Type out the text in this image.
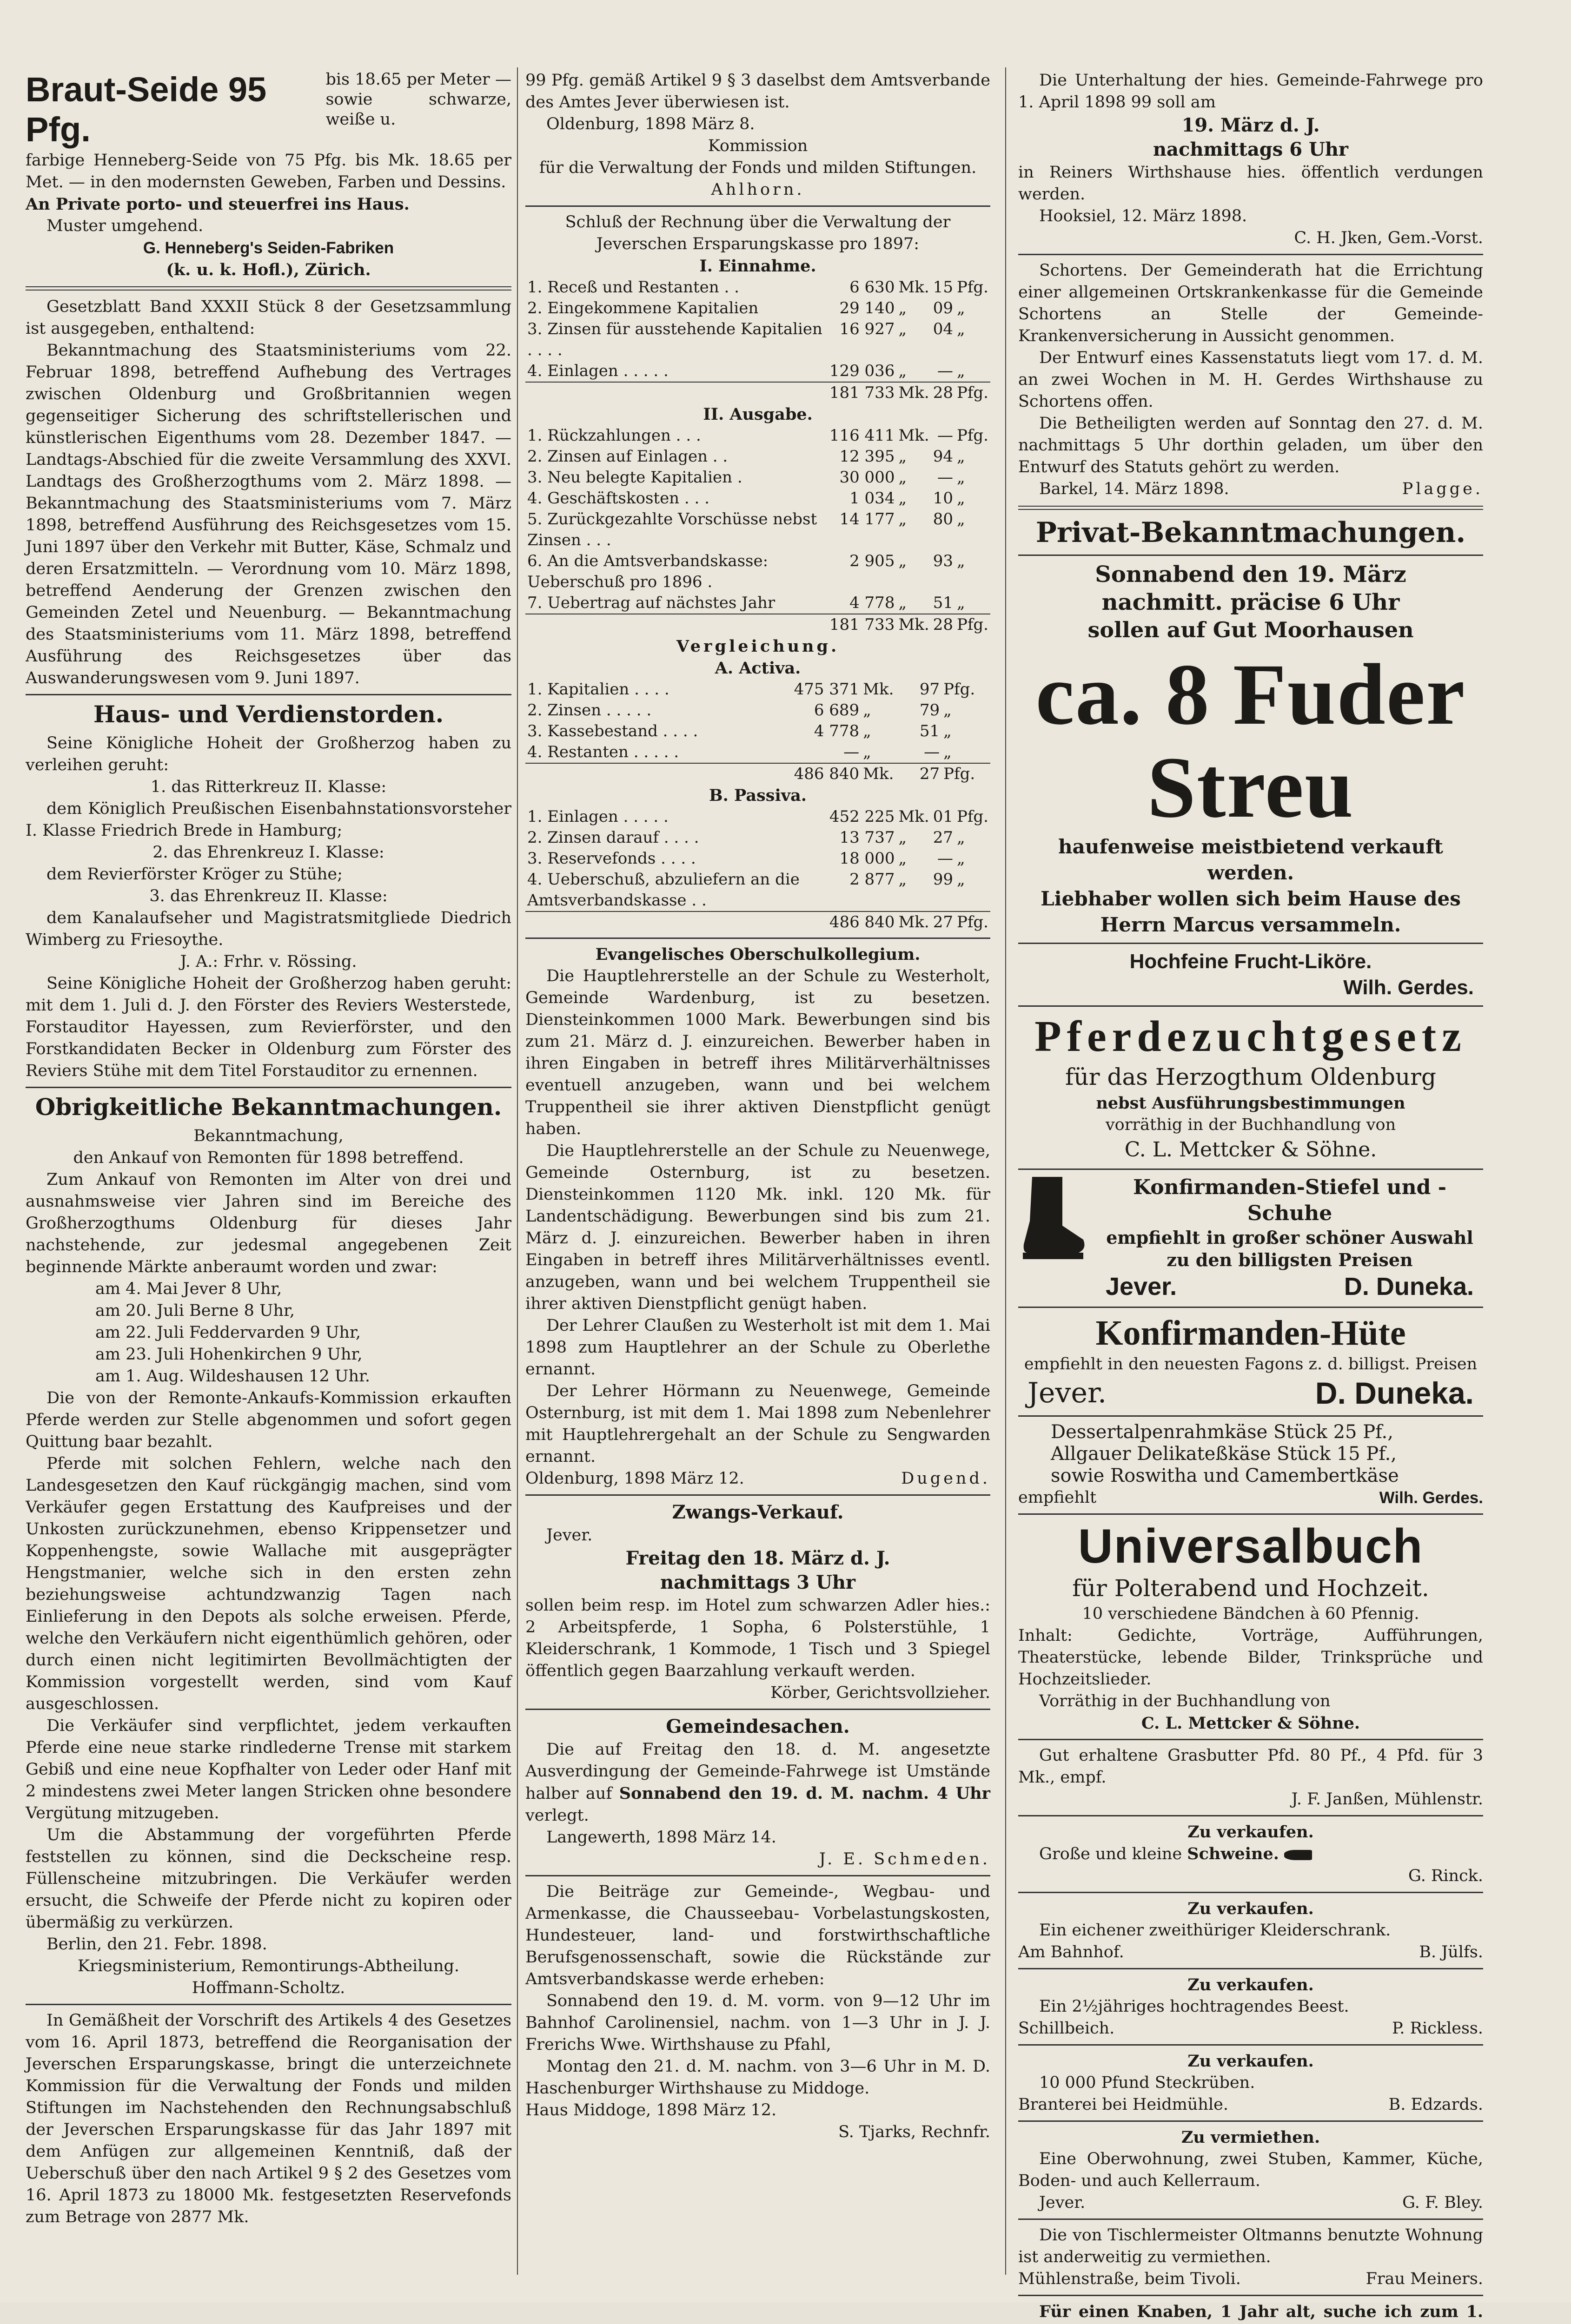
Braut-Seide 95 Pfg.
bis 18.65 per Meter — sowie schwarze, weiße u.

farbige Henneberg-Seide von 75 Pfg. bis Mk. 18.65 per Met. — in den modernsten Geweben, Farben und Dessins.

An Private porto- und steuerfrei ins Haus.

Muster umgehend.

G. Henneberg's Seiden-Fabriken

(k. u. k. Hofl.), Zürich.

Gesetzblatt Band XXXII Stück 8 der Gesetzsammlung ist ausgegeben, enthaltend:

Bekanntmachung des Staatsministeriums vom 22. Februar 1898, betreffend Aufhebung des Vertrages zwischen Oldenburg und Großbritannien wegen gegenseitiger Sicherung des schriftstellerischen und künstlerischen Eigenthums vom 28. Dezember 1847. — Landtags-Abschied für die zweite Versammlung des XXVI. Landtags des Großherzogthums vom 2. März 1898. — Bekanntmachung des Staatsministeriums vom 7. März 1898, betreffend Ausführung des Reichsgesetzes vom 15. Juni 1897 über den Verkehr mit Butter, Käse, Schmalz und deren Ersatzmitteln. — Verordnung vom 10. März 1898, betreffend Aenderung der Grenzen zwischen den Gemeinden Zetel und Neuenburg. — Bekanntmachung des Staatsministeriums vom 11. März 1898, betreffend Ausführung des Reichsgesetzes über das Auswanderungswesen vom 9. Juni 1897.

Haus- und Verdienstorden.

Seine Königliche Hoheit der Großherzog haben zu verleihen geruht:

1. das Ritterkreuz II. Klasse:

dem Königlich Preußischen Eisenbahnstationsvorsteher I. Klasse Friedrich Brede in Hamburg;

2. das Ehrenkreuz I. Klasse:

dem Revierförster Kröger zu Stühe;

3. das Ehrenkreuz II. Klasse:

dem Kanalaufseher und Magistratsmitgliede Diedrich Wimberg zu Friesoythe.

J. A.: Frhr. v. Rössing.

Seine Königliche Hoheit der Großherzog haben geruht: mit dem 1. Juli d. J. den Förster des Reviers Westerstede, Forstauditor Hayessen, zum Revierförster, und den Forstkandidaten Becker in Oldenburg zum Förster des Reviers Stühe mit dem Titel Forstauditor zu ernennen.

Obrigkeitliche Bekanntmachungen.

Bekanntmachung,

den Ankauf von Remonten für 1898 betreffend.

Zum Ankauf von Remonten im Alter von drei und ausnahmsweise vier Jahren sind im Bereiche des Großherzogthums Oldenburg für dieses Jahr nachstehende, zur jedesmal angegebenen Zeit beginnende Märkte anberaumt worden und zwar:

am 4. Mai Jever 8 Uhr,

am 20. Juli Berne 8 Uhr,

am 22. Juli Feddervarden 9 Uhr,

am 23. Juli Hohenkirchen 9 Uhr,

am 1. Aug. Wildeshausen 12 Uhr.

Die von der Remonte-Ankaufs-Kommission erkauften Pferde werden zur Stelle abgenommen und sofort gegen Quittung baar bezahlt.

Pferde mit solchen Fehlern, welche nach den Landesgesetzen den Kauf rückgängig machen, sind vom Verkäufer gegen Erstattung des Kaufpreises und der Unkosten zurückzunehmen, ebenso Krippensetzer und Koppenhengste, sowie Wallache mit ausgeprägter Hengstmanier, welche sich in den ersten zehn beziehungsweise achtundzwanzig Tagen nach Einlieferung in den Depots als solche erweisen. Pferde, welche den Verkäufern nicht eigenthümlich gehören, oder durch einen nicht legitimirten Bevollmächtigten der Kommission vorgestellt werden, sind vom Kauf ausgeschlossen.

Die Verkäufer sind verpflichtet, jedem verkauften Pferde eine neue starke rindlederne Trense mit starkem Gebiß und eine neue Kopfhalter von Leder oder Hanf mit 2 mindestens zwei Meter langen Stricken ohne besondere Vergütung mitzugeben.

Um die Abstammung der vorgeführten Pferde feststellen zu können, sind die Deckscheine resp. Füllenscheine mitzubringen. Die Verkäufer werden ersucht, die Schweife der Pferde nicht zu kopiren oder übermäßig zu verkürzen.

Berlin, den 21. Febr. 1898.

Kriegsministerium, Remontirungs-Abtheilung.

Hoffmann-Scholtz.

In Gemäßheit der Vorschrift des Artikels 4 des Gesetzes vom 16. April 1873, betreffend die Reorganisation der Jeverschen Ersparungskasse, bringt die unterzeichnete Kommission für die Verwaltung der Fonds und milden Stiftungen im Nachstehenden den Rechnungsabschluß der Jeverschen Ersparungskasse für das Jahr 1897 mit dem Anfügen zur allgemeinen Kenntniß, daß der Ueberschuß über den nach Artikel 9 § 2 des Gesetzes vom 16. April 1873 zu 18000 Mk. festgesetzten Reservefonds zum Betrage von 2877 Mk.

99 Pfg. gemäß Artikel 9 § 3 daselbst dem Amtsverbande des Amtes Jever überwiesen ist.

Oldenburg, 1898 März 8.

Kommission

für die Verwaltung der Fonds und milden Stiftungen.

Ahlhorn.

Schluß der Rechnung über die Verwaltung der Jeverschen Ersparungskasse pro 1897:

I. Einnahme.

1. Receß und Restanten . .	6 630	Mk.	15	Pfg.
2. Eingekommene Kapitalien	29 140	„	09	„
3. Zinsen für ausstehende Kapitalien . . . .	16 927	„	04	„
4. Einlagen . . . . .	129 036	„	—	„
	181 733	Mk.	28	Pfg.

II. Ausgabe.

1. Rückzahlungen . . .	116 411	Mk.	—	Pfg.
2. Zinsen auf Einlagen . .	12 395	„	94	„
3. Neu belegte Kapitalien .	30 000	„	—	„
4. Geschäftskosten . . .	1 034	„	10	„
5. Zurückgezahlte Vorschüsse nebst Zinsen . . .	14 177	„	80	„
6. An die Amtsverbandskasse: Ueberschuß pro 1896 .	2 905	„	93	„
7. Uebertrag auf nächstes Jahr	4 778	„	51	„
	181 733	Mk.	28	Pfg.

Vergleichung.

A. Activa.

1. Kapitalien . . . .	475 371	Mk.	97	Pfg.
2. Zinsen . . . . .	6 689	„	79	„
3. Kassebestand . . . .	4 778	„	51	„
4. Restanten . . . . .	—	„	—	„
	486 840	Mk.	27	Pfg.

B. Passiva.

1. Einlagen . . . . .	452 225	Mk.	01	Pfg.
2. Zinsen darauf . . . .	13 737	„	27	„
3. Reservefonds . . . .	18 000	„	—	„
4. Ueberschuß, abzuliefern an die Amtsverbandskasse . .	2 877	„	99	„
	486 840	Mk.	27	Pfg.

Evangelisches Oberschulkollegium.

Die Hauptlehrerstelle an der Schule zu Westerholt, Gemeinde Wardenburg, ist zu besetzen. Diensteinkommen 1000 Mark. Bewerbungen sind bis zum 21. März d. J. einzureichen. Bewerber haben in ihren Eingaben in betreff ihres Militärverhältnisses eventuell anzugeben, wann und bei welchem Truppentheil sie ihrer aktiven Dienstpflicht genügt haben.

Die Hauptlehrerstelle an der Schule zu Neuenwege, Gemeinde Osternburg, ist zu besetzen. Diensteinkommen 1120 Mk. inkl. 120 Mk. für Landentschädigung. Bewerbungen sind bis zum 21. März d. J. einzureichen. Bewerber haben in ihren Eingaben in betreff ihres Militärverhältnisses eventl. anzugeben, wann und bei welchem Truppentheil sie ihrer aktiven Dienstpflicht genügt haben.

Der Lehrer Claußen zu Westerholt ist mit dem 1. Mai 1898 zum Hauptlehrer an der Schule zu Oberlethe ernannt.

Der Lehrer Hörmann zu Neuenwege, Gemeinde Osternburg, ist mit dem 1. Mai 1898 zum Nebenlehrer mit Hauptlehrergehalt an der Schule zu Sengwarden ernannt.

Oldenburg, 1898 März 12.	Dugend.

Zwangs-Verkauf.

Jever.

Freitag den 18. März d. J.

nachmittags 3 Uhr

sollen beim resp. im Hotel zum schwarzen Adler hies.: 2 Arbeitspferde, 1 Sopha, 6 Polsterstühle, 1 Kleiderschrank, 1 Kommode, 1 Tisch und 3 Spiegel öffentlich gegen Baarzahlung verkauft werden.

Körber, Gerichtsvollzieher.

Gemeindesachen.

Die auf Freitag den 18. d. M. angesetzte Ausverdingung der Gemeinde-Fahrwege ist Umstände halber auf Sonnabend den 19. d. M. nachm. 4 Uhr verlegt.

Langewerth, 1898 März 14.

J. E. Schmeden.

Die Beiträge zur Gemeinde-, Wegbau- und Armenkasse, die Chausseebau- Vorbelastungskosten, Hundesteuer, land- und forstwirthschaftliche Berufsgenossenschaft, sowie die Rückstände zur Amtsverbandskasse werde erheben:

Sonnabend den 19. d. M. vorm. von 9—12 Uhr im Bahnhof Carolinensiel, nachm. von 1—3 Uhr in J. J. Frerichs Wwe. Wirthshause zu Pfahl,

Montag den 21. d. M. nachm. von 3—6 Uhr in M. D. Haschenburger Wirthshause zu Middoge.

Haus Middoge, 1898 März 12.

S. Tjarks, Rechnfr.

Die Unterhaltung der hies. Gemeinde-Fahrwege pro 1. April 1898 99 soll am

19. März d. J.

nachmittags 6 Uhr

in Reiners Wirthshause hies. öffentlich verdungen werden.

Hooksiel, 12. März 1898.

C. H. Jken, Gem.-Vorst.

Schortens. Der Gemeinderath hat die Errichtung einer allgemeinen Ortskrankenkasse für die Gemeinde Schortens an Stelle der Gemeinde-Krankenversicherung in Aussicht genommen.

Der Entwurf eines Kassenstatuts liegt vom 17. d. M. an zwei Wochen in M. H. Gerdes Wirthshause zu Schortens offen.

Die Betheiligten werden auf Sonntag den 27. d. M. nachmittags 5 Uhr dorthin geladen, um über den Entwurf des Statuts gehört zu werden.

Barkel, 14. März 1898.	Plagge.
Privat-Bekanntmachungen.

Sonnabend den 19. März

nachmitt. präcise 6 Uhr

sollen auf Gut Moorhausen

ca. 8 Fuder Streu

haufenweise meistbietend verkauft werden.

Liebhaber wollen sich beim Hause des Herrn Marcus versammeln.

Hochfeine Frucht-Liköre.

Wilh. Gerdes.

Pferdezuchtgesetz

für das Herzogthum Oldenburg

nebst Ausführungsbestimmungen

vorräthig in der Buchhandlung von

C. L. Mettcker & Söhne.

Konfirmanden-Stiefel und -Schuhe

empfiehlt in großer schöner Auswahl zu den billigsten Preisen

Jever.	D. Duneka.
Konfirmanden-Hüte

empfiehlt in den neuesten Fagons z. d. billigst. Preisen

Jever.	D. Duneka.

Dessertalpenrahmkäse Stück 25 Pf.,

Allgauer Delikateßkäse Stück 15 Pf.,

sowie Roswitha und Camembertkäse

empfiehlt	Wilh. Gerdes.
Universalbuch

für Polterabend und Hochzeit.

10 verschiedene Bändchen à 60 Pfennig.

Inhalt: Gedichte, Vorträge, Aufführungen, Theaterstücke, lebende Bilder, Trinksprüche und Hochzeitslieder.

Vorräthig in der Buchhandlung von

C. L. Mettcker & Söhne.

Gut erhaltene Grasbutter Pfd. 80 Pf., 4 Pfd. für 3 Mk., empf.

J. F. Janßen, Mühlenstr.

Zu verkaufen.

Große und kleine Schweine.

G. Rinck.

Zu verkaufen.

Ein eichener zweithüriger Kleiderschrank.

Am Bahnhof.	B. Jülfs.

Zu verkaufen.

Ein 2½jähriges hochtragendes Beest.

Schillbeich.	P. Rickless.

Zu verkaufen.

10 000 Pfund Steckrüben.

Branterei bei Heidmühle.	B. Edzards.

Zu vermiethen.

Eine Oberwohnung, zwei Stuben, Kammer, Küche, Boden- und auch Kellerraum.

Jever.	G. F. Bley.

Die von Tischlermeister Oltmanns benutzte Wohnung ist anderweitig zu vermiethen.

Mühlenstraße, beim Tivoli.	Frau Meiners.

Für einen Knaben, 1 Jahr alt, suche ich zum 1.
